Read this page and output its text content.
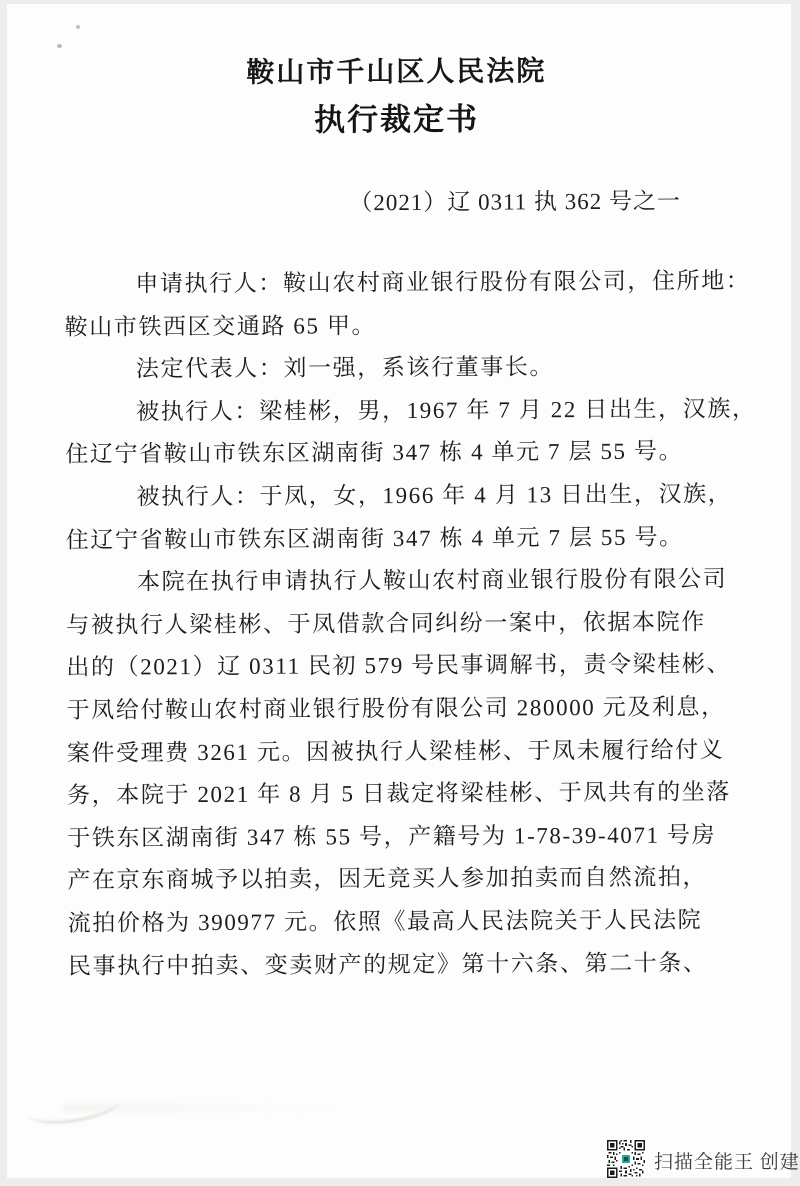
鞍山市千山区人民法院
执行裁定书
（2021）辽 0311 执 362 号之一
申请执行人：鞍山农村商业银行股份有限公司，住所地：
鞍山市铁西区交通路 65 甲。
法定代表人：刘一强，系该行董事长。
被执行人：梁桂彬，男，1967 年 7 月 22 日出生，汉族，
住辽宁省鞍山市铁东区湖南街 347 栋 4 单元 7 层 55 号。
被执行人：于凤，女，1966 年 4 月 13 日出生，汉族，
住辽宁省鞍山市铁东区湖南街 347 栋 4 单元 7 层 55 号。
本院在执行申请执行人鞍山农村商业银行股份有限公司
与被执行人梁桂彬、于凤借款合同纠纷一案中，依据本院作
出的（2021）辽 0311 民初 579 号民事调解书，责令梁桂彬、
于凤给付鞍山农村商业银行股份有限公司 280000 元及利息，
案件受理费 3261 元。因被执行人梁桂彬、于凤未履行给付义
务，本院于 2021 年 8 月 5 日裁定将梁桂彬、于凤共有的坐落
于铁东区湖南街 347 栋 55 号，产籍号为 1-78-39-4071 号房
产在京东商城予以拍卖，因无竞买人参加拍卖而自然流拍，
流拍价格为 390977 元。依照《最高人民法院关于人民法院
民事执行中拍卖、变卖财产的规定》第十六条、第二十条、
扫描全能王 创建
